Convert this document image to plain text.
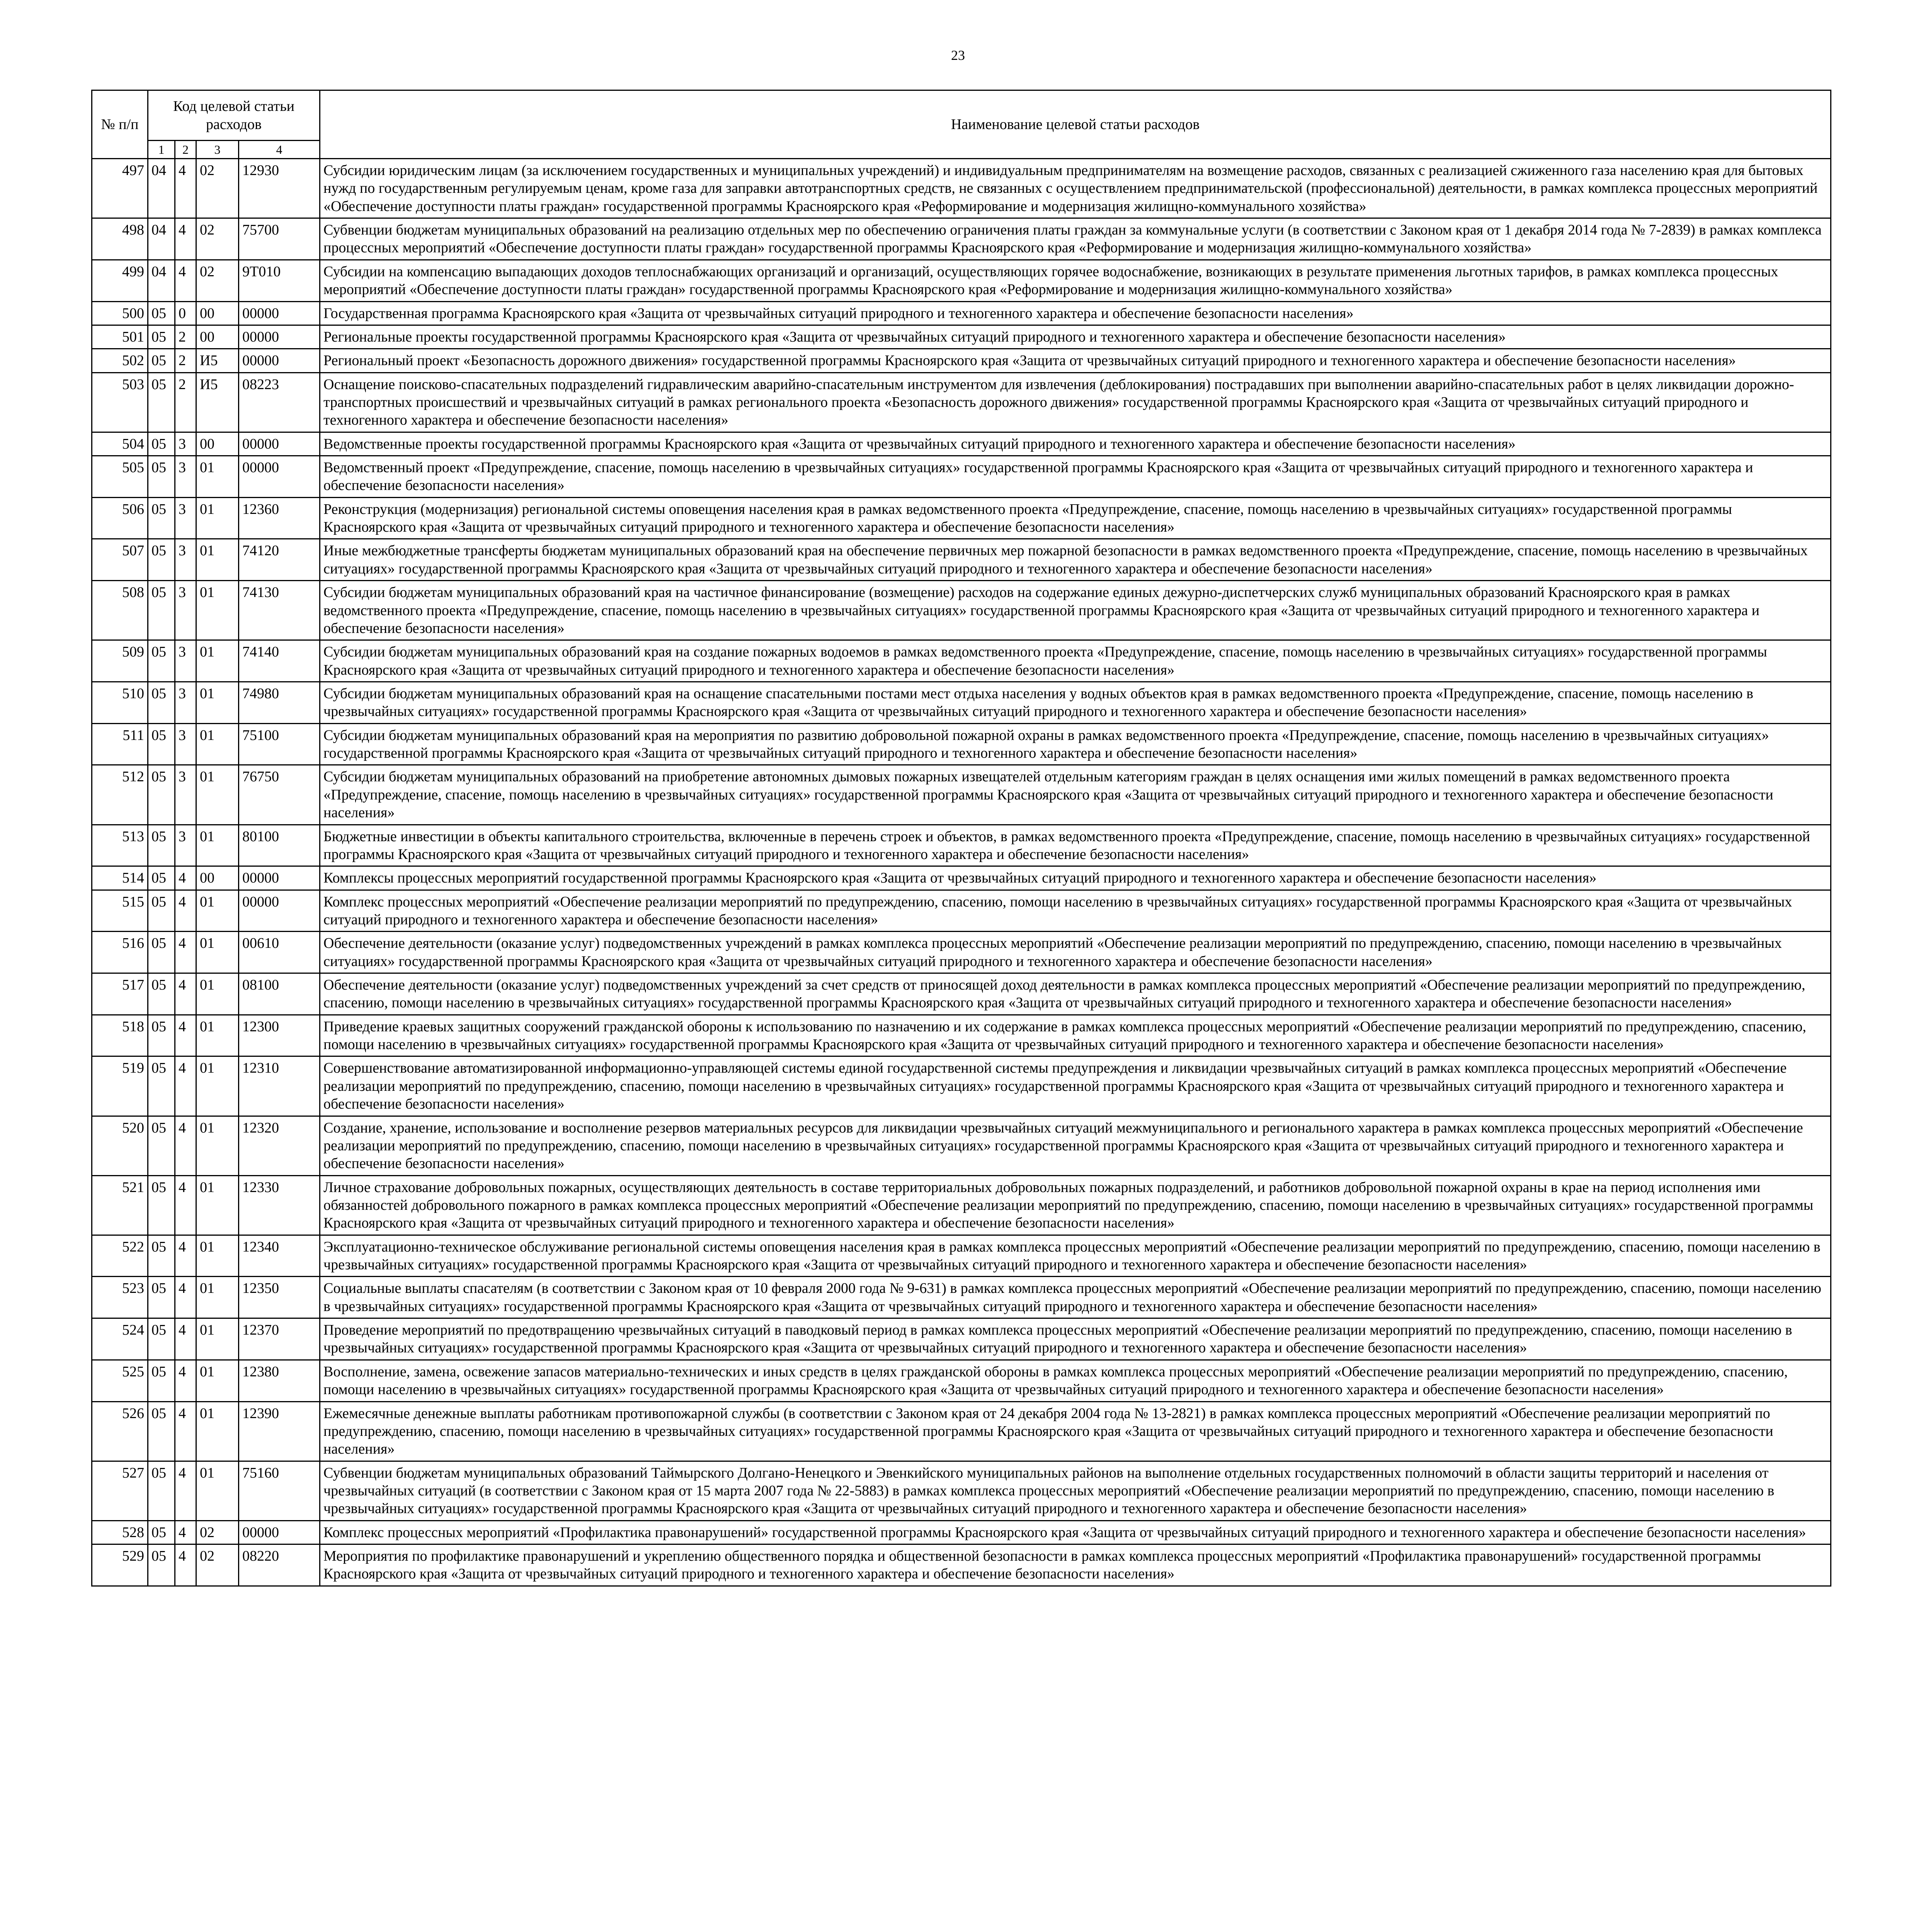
23
№ п/п	Код целевой статьи расходов				Наименование целевой статьи расходов
	1	2	3	4	
497	04	4	02	12930	Субсидии юридическим лицам (за исключением государственных и муниципальных учреждений) и индивидуальным предпринимателям на возмещение расходов, связанных с реализацией сжиженного газа населению края для бытовых нужд по государственным регулируемым ценам, кроме газа для заправки автотранспортных средств, не связанных с осуществлением предпринимательской (профессиональной) деятельности, в рамках комплекса процессных мероприятий «Обеспечение доступности платы граждан» государственной программы Красноярского края «Реформирование и модернизация жилищно-коммунального хозяйства»
498	04	4	02	75700	Субвенции бюджетам муниципальных образований на реализацию отдельных мер по обеспечению ограничения платы граждан за коммунальные услуги (в соответствии с Законом края от 1 декабря 2014 года № 7-2839) в рамках комплекса процессных мероприятий «Обеспечение доступности платы граждан» государственной программы Красноярского края «Реформирование и модернизация жилищно-коммунального хозяйства»
499	04	4	02	9Т010	Субсидии на компенсацию выпадающих доходов теплоснабжающих организаций и организаций, осуществляющих горячее водоснабжение, возникающих в результате применения льготных тарифов, в рамках комплекса процессных мероприятий «Обеспечение доступности платы граждан» государственной программы Красноярского края «Реформирование и модернизация жилищно-коммунального хозяйства»
500	05	0	00	00000	Государственная программа Красноярского края «Защита от чрезвычайных ситуаций природного и техногенного характера и обеспечение безопасности населения»
501	05	2	00	00000	Региональные проекты государственной программы Красноярского края «Защита от чрезвычайных ситуаций природного и техногенного характера и обеспечение безопасности населения»
502	05	2	И5	00000	Региональный проект «Безопасность дорожного движения» государственной программы Красноярского края «Защита от чрезвычайных ситуаций природного и техногенного характера и обеспечение безопасности населения»
503	05	2	И5	08223	Оснащение поисково-спасательных подразделений гидравлическим аварийно-спасательным инструментом для извлечения (деблокирования) пострадавших при выполнении аварийно-спасательных работ в целях ликвидации дорожно-транспортных происшествий и чрезвычайных ситуаций в рамках регионального проекта «Безопасность дорожного движения» государственной программы Красноярского края «Защита от чрезвычайных ситуаций природного и техногенного характера и обеспечение безопасности населения»
504	05	3	00	00000	Ведомственные проекты государственной программы Красноярского края «Защита от чрезвычайных ситуаций природного и техногенного характера и обеспечение безопасности населения»
505	05	3	01	00000	Ведомственный проект «Предупреждение, спасение, помощь населению в чрезвычайных ситуациях» государственной программы Красноярского края «Защита от чрезвычайных ситуаций природного и техногенного характера и обеспечение безопасности населения»
506	05	3	01	12360	Реконструкция (модернизация) региональной системы оповещения населения края в рамках ведомственного проекта «Предупреждение, спасение, помощь населению в чрезвычайных ситуациях» государственной программы Красноярского края «Защита от чрезвычайных ситуаций природного и техногенного характера и обеспечение безопасности населения»
507	05	3	01	74120	Иные межбюджетные трансферты бюджетам муниципальных образований края на обеспечение первичных мер пожарной безопасности в рамках ведомственного проекта «Предупреждение, спасение, помощь населению в чрезвычайных ситуациях» государственной программы Красноярского края «Защита от чрезвычайных ситуаций природного и техногенного характера и обеспечение безопасности населения»
508	05	3	01	74130	Субсидии бюджетам муниципальных образований края на частичное финансирование (возмещение) расходов на содержание единых дежурно-диспетчерских служб муниципальных образований Красноярского края в рамках ведомственного проекта «Предупреждение, спасение, помощь населению в чрезвычайных ситуациях» государственной программы Красноярского края «Защита от чрезвычайных ситуаций природного и техногенного характера и обеспечение безопасности населения»
509	05	3	01	74140	Субсидии бюджетам муниципальных образований края на создание пожарных водоемов в рамках ведомственного проекта «Предупреждение, спасение, помощь населению в чрезвычайных ситуациях» государственной программы Красноярского края «Защита от чрезвычайных ситуаций природного и техногенного характера и обеспечение безопасности населения»
510	05	3	01	74980	Субсидии бюджетам муниципальных образований края на оснащение спасательными постами мест отдыха населения у водных объектов края в рамках ведомственного проекта «Предупреждение, спасение, помощь населению в чрезвычайных ситуациях» государственной программы Красноярского края «Защита от чрезвычайных ситуаций природного и техногенного характера и обеспечение безопасности населения»
511	05	3	01	75100	Субсидии бюджетам муниципальных образований края на мероприятия по развитию добровольной пожарной охраны в рамках ведомственного проекта «Предупреждение, спасение, помощь населению в чрезвычайных ситуациях» государственной программы Красноярского края «Защита от чрезвычайных ситуаций природного и техногенного характера и обеспечение безопасности населения»
512	05	3	01	76750	Субсидии бюджетам муниципальных образований на приобретение автономных дымовых пожарных извещателей отдельным категориям граждан в целях оснащения ими жилых помещений в рамках ведомственного проекта «Предупреждение, спасение, помощь населению в чрезвычайных ситуациях» государственной программы Красноярского края «Защита от чрезвычайных ситуаций природного и техногенного характера и обеспечение безопасности населения»
513	05	3	01	80100	Бюджетные инвестиции в объекты капитального строительства, включенные в перечень строек и объектов, в рамках ведомственного проекта «Предупреждение, спасение, помощь населению в чрезвычайных ситуациях» государственной программы Красноярского края «Защита от чрезвычайных ситуаций природного и техногенного характера и обеспечение безопасности населения»
514	05	4	00	00000	Комплексы процессных мероприятий государственной программы Красноярского края «Защита от чрезвычайных ситуаций природного и техногенного характера и обеспечение безопасности населения»
515	05	4	01	00000	Комплекс процессных мероприятий «Обеспечение реализации мероприятий по предупреждению, спасению, помощи населению в чрезвычайных ситуациях» государственной программы Красноярского края «Защита от чрезвычайных ситуаций природного и техногенного характера и обеспечение безопасности населения»
516	05	4	01	00610	Обеспечение деятельности (оказание услуг) подведомственных учреждений в рамках комплекса процессных мероприятий «Обеспечение реализации мероприятий по предупреждению, спасению, помощи населению в чрезвычайных ситуациях» государственной программы Красноярского края «Защита от чрезвычайных ситуаций природного и техногенного характера и обеспечение безопасности населения»
517	05	4	01	08100	Обеспечение деятельности (оказание услуг) подведомственных учреждений за счет средств от приносящей доход деятельности в рамках комплекса процессных мероприятий «Обеспечение реализации мероприятий по предупреждению, спасению, помощи населению в чрезвычайных ситуациях» государственной программы Красноярского края «Защита от чрезвычайных ситуаций природного и техногенного характера и обеспечение безопасности населения»
518	05	4	01	12300	Приведение краевых защитных сооружений гражданской обороны к использованию по назначению и их содержание в рамках комплекса процессных мероприятий «Обеспечение реализации мероприятий по предупреждению, спасению, помощи населению в чрезвычайных ситуациях» государственной программы Красноярского края «Защита от чрезвычайных ситуаций природного и техногенного характера и обеспечение безопасности населения»
519	05	4	01	12310	Совершенствование автоматизированной информационно-управляющей системы единой государственной системы предупреждения и ликвидации чрезвычайных ситуаций в рамках комплекса процессных мероприятий «Обеспечение реализации мероприятий по предупреждению, спасению, помощи населению в чрезвычайных ситуациях» государственной программы Красноярского края «Защита от чрезвычайных ситуаций природного и техногенного характера и обеспечение безопасности населения»
520	05	4	01	12320	Создание, хранение, использование и восполнение резервов материальных ресурсов для ликвидации чрезвычайных ситуаций межмуниципального и регионального характера в рамках комплекса процессных мероприятий «Обеспечение реализации мероприятий по предупреждению, спасению, помощи населению в чрезвычайных ситуациях» государственной программы Красноярского края «Защита от чрезвычайных ситуаций природного и техногенного характера и обеспечение безопасности населения»
521	05	4	01	12330	Личное страхование добровольных пожарных, осуществляющих деятельность в составе территориальных добровольных пожарных подразделений, и работников добровольной пожарной охраны в крае на период исполнения ими обязанностей добровольного пожарного в рамках комплекса процессных мероприятий «Обеспечение реализации мероприятий по предупреждению, спасению, помощи населению в чрезвычайных ситуациях» государственной программы Красноярского края «Защита от чрезвычайных ситуаций природного и техногенного характера и обеспечение безопасности населения»
522	05	4	01	12340	Эксплуатационно-техническое обслуживание региональной системы оповещения населения края в рамках комплекса процессных мероприятий «Обеспечение реализации мероприятий по предупреждению, спасению, помощи населению в чрезвычайных ситуациях» государственной программы Красноярского края «Защита от чрезвычайных ситуаций природного и техногенного характера и обеспечение безопасности населения»
523	05	4	01	12350	Социальные выплаты спасателям (в соответствии с Законом края от 10 февраля 2000 года № 9-631) в рамках комплекса процессных мероприятий «Обеспечение реализации мероприятий по предупреждению, спасению, помощи населению в чрезвычайных ситуациях» государственной программы Красноярского края «Защита от чрезвычайных ситуаций природного и техногенного характера и обеспечение безопасности населения»
524	05	4	01	12370	Проведение мероприятий по предотвращению чрезвычайных ситуаций в паводковый период в рамках комплекса процессных мероприятий «Обеспечение реализации мероприятий по предупреждению, спасению, помощи населению в чрезвычайных ситуациях» государственной программы Красноярского края «Защита от чрезвычайных ситуаций природного и техногенного характера и обеспечение безопасности населения»
525	05	4	01	12380	Восполнение, замена, освежение запасов материально-технических и иных средств в целях гражданской обороны в рамках комплекса процессных мероприятий «Обеспечение реализации мероприятий по предупреждению, спасению, помощи населению в чрезвычайных ситуациях» государственной программы Красноярского края «Защита от чрезвычайных ситуаций природного и техногенного характера и обеспечение безопасности населения»
526	05	4	01	12390	Ежемесячные денежные выплаты работникам противопожарной службы (в соответствии с Законом края от 24 декабря 2004 года № 13-2821) в рамках комплекса процессных мероприятий «Обеспечение реализации мероприятий по предупреждению, спасению, помощи населению в чрезвычайных ситуациях» государственной программы Красноярского края «Защита от чрезвычайных ситуаций природного и техногенного характера и обеспечение безопасности населения»
527	05	4	01	75160	Субвенции бюджетам муниципальных образований Таймырского Долгано-Ненецкого и Эвенкийского муниципальных районов на выполнение отдельных государственных полномочий в области защиты территорий и населения от чрезвычайных ситуаций (в соответствии с Законом края от 15 марта 2007 года № 22-5883) в рамках комплекса процессных мероприятий «Обеспечение реализации мероприятий по предупреждению, спасению, помощи населению в чрезвычайных ситуациях» государственной программы Красноярского края «Защита от чрезвычайных ситуаций природного и техногенного характера и обеспечение безопасности населения»
528	05	4	02	00000	Комплекс процессных мероприятий «Профилактика правонарушений» государственной программы Красноярского края «Защита от чрезвычайных ситуаций природного и техногенного характера и обеспечение безопасности населения»
529	05	4	02	08220	Мероприятия по профилактике правонарушений и укреплению общественного порядка и общественной безопасности в рамках комплекса процессных мероприятий «Профилактика правонарушений» государственной программы Красноярского края «Защита от чрезвычайных ситуаций природного и техногенного характера и обеспечение безопасности населения»
